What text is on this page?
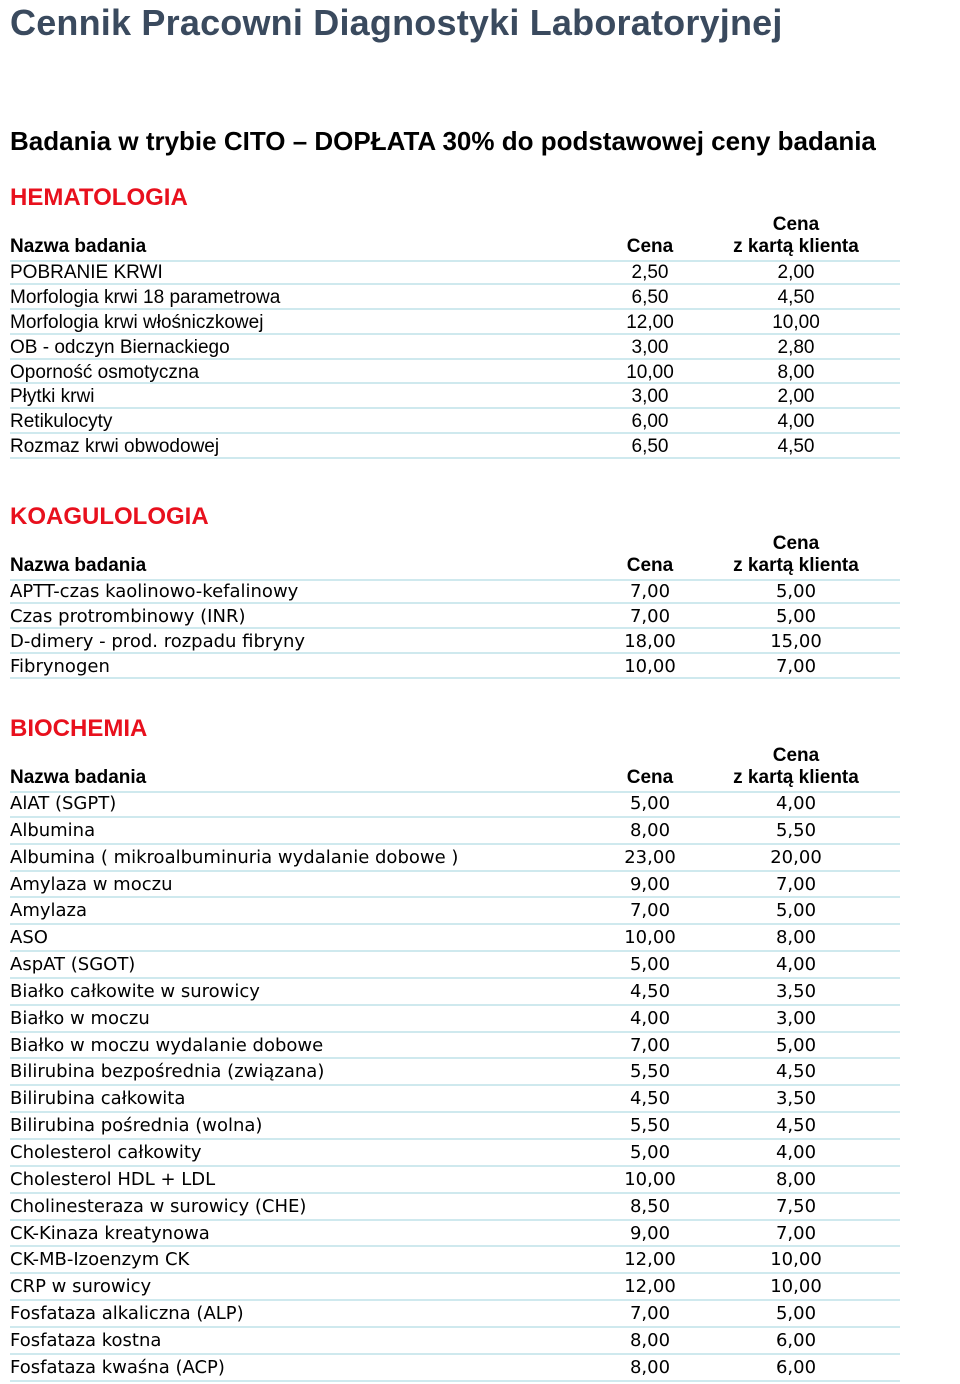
Cennik Pracowni Diagnostyki Laboratoryjnej
Badania w trybie CITO – DOPŁATA 30% do podstawowej ceny badania
HEMATOLOGIA
Nazwa badania	Cena
Cena
z kartą klienta
POBRANIE KRWI	2,50	2,00
Morfologia krwi 18 parametrowa	6,50	4,50
Morfologia krwi włośniczkowej	12,00	10,00
OB - odczyn Biernackiego	3,00	2,80
Oporność osmotyczna	10,00	8,00
Płytki krwi	3,00	2,00
Retikulocyty	6,00	4,00
Rozmaz krwi obwodowej	6,50	4,50
KOAGULOLOGIA
Nazwa badania	Cena
Cena
z kartą klienta
APTT-czas kaolinowo-kefalinowy	7,00	5,00
Czas protrombinowy (INR)	7,00	5,00
D-dimery - prod. rozpadu fibryny	18,00	15,00
Fibrynogen	10,00	7,00
BIOCHEMIA
Nazwa badania	Cena
Cena
z kartą klienta
AlAT (SGPT)	5,00	4,00
Albumina	8,00	5,50
Albumina ( mikroalbuminuria wydalanie dobowe )	23,00	20,00
Amylaza w moczu	9,00	7,00
Amylaza	7,00	5,00
ASO	10,00	8,00
AspAT (SGOT)	5,00	4,00
Białko całkowite w surowicy	4,50	3,50
Białko w moczu	4,00	3,00
Białko w moczu wydalanie dobowe	7,00	5,00
Bilirubina bezpośrednia (związana)	5,50	4,50
Bilirubina całkowita	4,50	3,50
Bilirubina pośrednia (wolna)	5,50	4,50
Cholesterol całkowity	5,00	4,00
Cholesterol HDL + LDL	10,00	8,00
Cholinesteraza w surowicy (CHE)	8,50	7,50
CK-Kinaza kreatynowa	9,00	7,00
CK-MB-Izoenzym CK	12,00	10,00
CRP w surowicy	12,00	10,00
Fosfataza alkaliczna (ALP)	7,00	5,00
Fosfataza kostna	8,00	6,00
Fosfataza kwaśna (ACP)	8,00	6,00
